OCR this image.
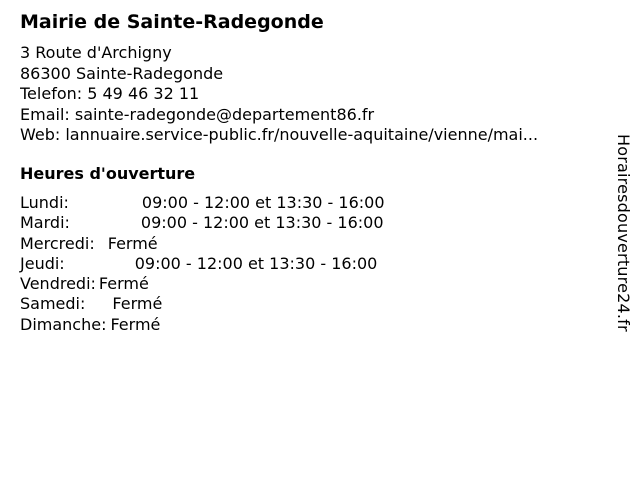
Mairie de Sainte-Radegonde
3 Route d'Archigny
86300 Sainte-Radegonde
Telefon: 5 49 46 32 11
Email: sainte-radegonde@departement86.fr
Web: lannuaire.service-public.fr/nouvelle-aquitaine/vienne/mai...
Heures d'ouverture
Lundi:	09:00 - 12:00 et 13:30 - 16:00
Mardi:	09:00 - 12:00 et 13:30 - 16:00
Mercredi: Fermé
Jeudi:	09:00 - 12:00 et 13:30 - 16:00
Vendredi: Fermé
Samedi: Fermé
Dimanche: Fermé	Horairesdouverture24.fr
